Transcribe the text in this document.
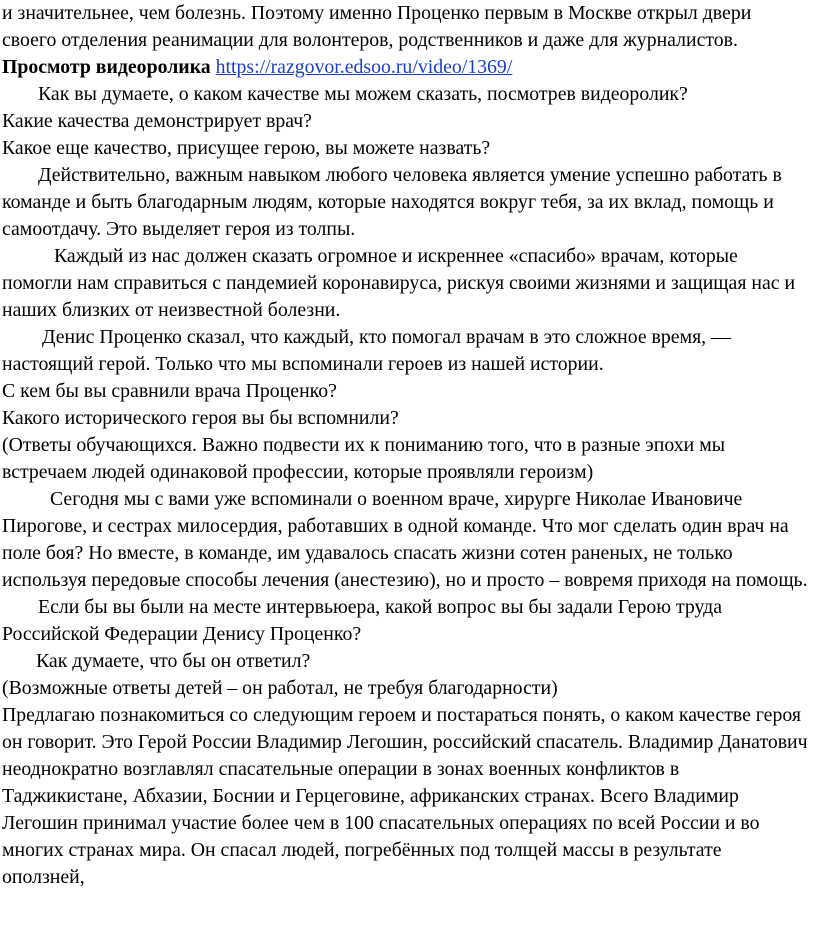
и значительнее, чем болезнь. Поэтому именно Проценко первым в Москве открыл двери своего отделения реанимации для волонтеров, родственников и даже для журналистов.

Просмотр видеоролика https://razgovor.edsoo.ru/video/1369/

Как вы думаете, о каком качестве мы можем сказать, посмотрев видеоролик?

Какие качества демонстрирует врач?

Какое еще качество, присущее герою, вы можете назвать?

Действительно, важным навыком любого человека является умение успешно работать в команде и быть благодарным людям, которые находятся вокруг тебя, за их вклад, помощь и самоотдачу. Это выделяет героя из толпы.

Каждый из нас должен сказать огромное и искреннее «спасибо» врачам, которые помогли нам справиться с пандемией коронавируса, рискуя своими жизнями и защищая нас и наших близких от неизвестной болезни.

Денис Проценко сказал, что каждый, кто помогал врачам в это сложное время, — настоящий герой. Только что мы вспоминали героев из нашей истории.

С кем бы вы сравнили врача Проценко?

Какого исторического героя вы бы вспомнили?

(Ответы обучающихся. Важно подвести их к пониманию того, что в разные эпохи мы встречаем людей одинаковой профессии, которые проявляли героизм)

Сегодня мы с вами уже вспоминали о военном враче, хирурге Николае Ивановиче Пирогове, и сестрах милосердия, работавших в одной команде. Что мог сделать один врач на поле боя? Но вместе, в команде, им удавалось спасать жизни сотен раненых, не только используя передовые способы лечения (анестезию), но и просто – вовремя приходя на помощь.

Если бы вы были на месте интервьюера, какой вопрос вы бы задали Герою труда Российской Федерации Денису Проценко?

Как думаете, что бы он ответил?

(Возможные ответы детей – он работал, не требуя благодарности)

Предлагаю познакомиться со следующим героем и постараться понять, о каком качестве героя он говорит. Это Герой России Владимир Легошин, российский спасатель. Владимир Данатович неоднократно возглавлял спасательные операции в зонах военных конфликтов в Таджикистане, Абхазии, Боснии и Герцеговине, африканских странах. Всего Владимир Легошин принимал участие более чем в 100 спасательных операциях по всей России и во многих странах мира. Он спасал людей, погребённых под толщей массы в результате оползней,
